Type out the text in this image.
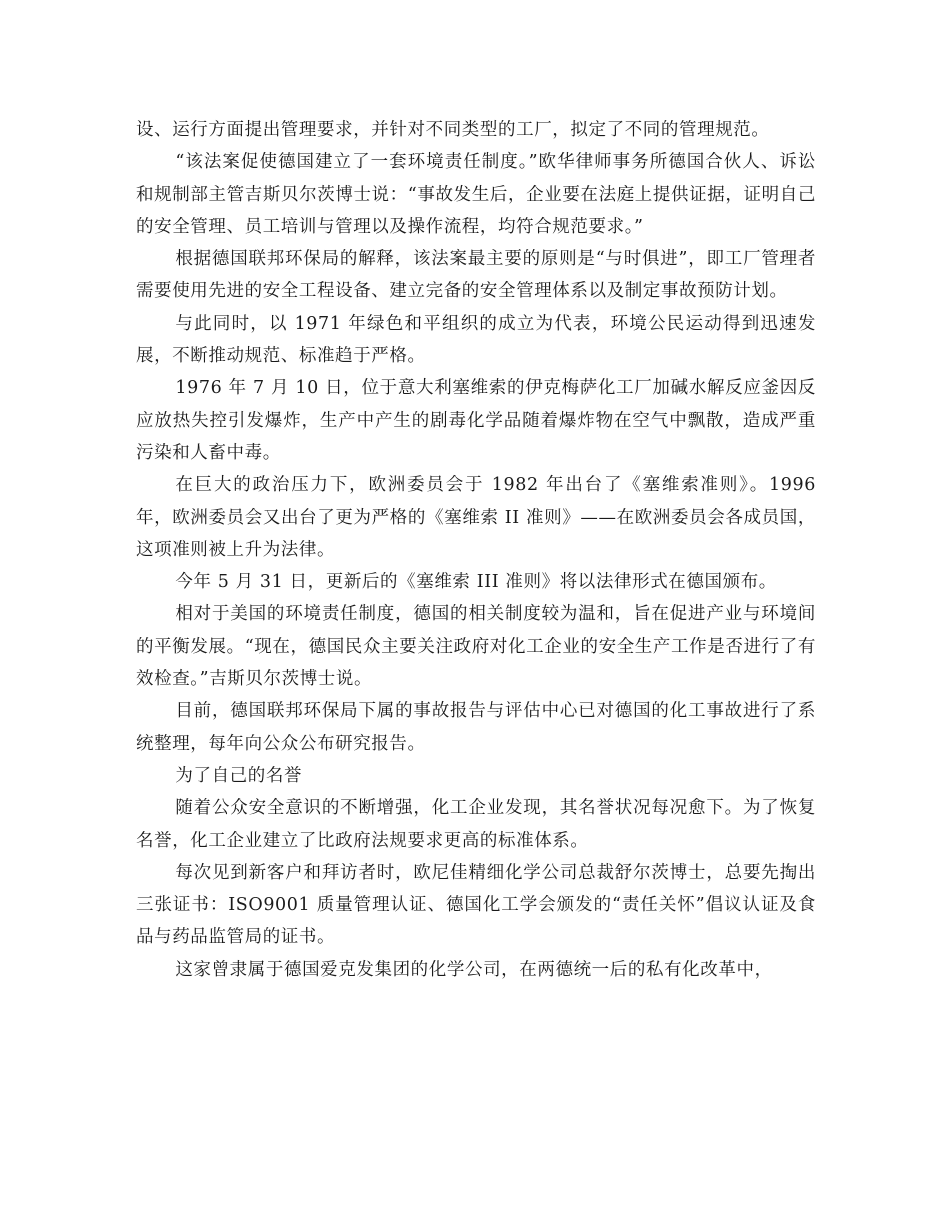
设、运行方面提出管理要求，并针对不同类型的工厂，拟定了不同的管理规范。

“该法案促使德国建立了一套环境责任制度。”欧华律师事务所德国合伙人、诉讼和规制部主管吉斯贝尔茨博士说：“事故发生后，企业要在法庭上提供证据，证明自己的安全管理、员工培训与管理以及操作流程，均符合规范要求。”

根据德国联邦环保局的解释，该法案最主要的原则是“与时俱进”，即工厂管理者需要使用先进的安全工程设备、建立完备的安全管理体系以及制定事故预防计划。

与此同时，以 1971 年绿色和平组织的成立为代表，环境公民运动得到迅速发展，不断推动规范、标准趋于严格。

1976 年 7 月 10 日，位于意大利塞维索的伊克梅萨化工厂加碱水解反应釜因反应放热失控引发爆炸，生产中产生的剧毒化学品随着爆炸物在空气中飘散，造成严重污染和人畜中毒。

在巨大的政治压力下，欧洲委员会于 1982 年出台了《塞维索准则》。1996 年，欧洲委员会又出台了更为严格的《塞维索 II 准则》——在欧洲委员会各成员国，这项准则被上升为法律。

今年 5 月 31 日，更新后的《塞维索 III 准则》将以法律形式在德国颁布。

相对于美国的环境责任制度，德国的相关制度较为温和，旨在促进产业与环境间的平衡发展。“现在，德国民众主要关注政府对化工企业的安全生产工作是否进行了有效检查。”吉斯贝尔茨博士说。

目前，德国联邦环保局下属的事故报告与评估中心已对德国的化工事故进行了系统整理，每年向公众公布研究报告。

为了自己的名誉

随着公众安全意识的不断增强，化工企业发现，其名誉状况每况愈下。为了恢复名誉，化工企业建立了比政府法规要求更高的标准体系。

每次见到新客户和拜访者时，欧尼佳精细化学公司总裁舒尔茨博士，总要先掏出三张证书：ISO9001 质量管理认证、德国化工学会颁发的“责任关怀”倡议认证及食品与药品监管局的证书。

这家曾隶属于德国爱克发集团的化学公司，在两德统一后的私有化改革中，
